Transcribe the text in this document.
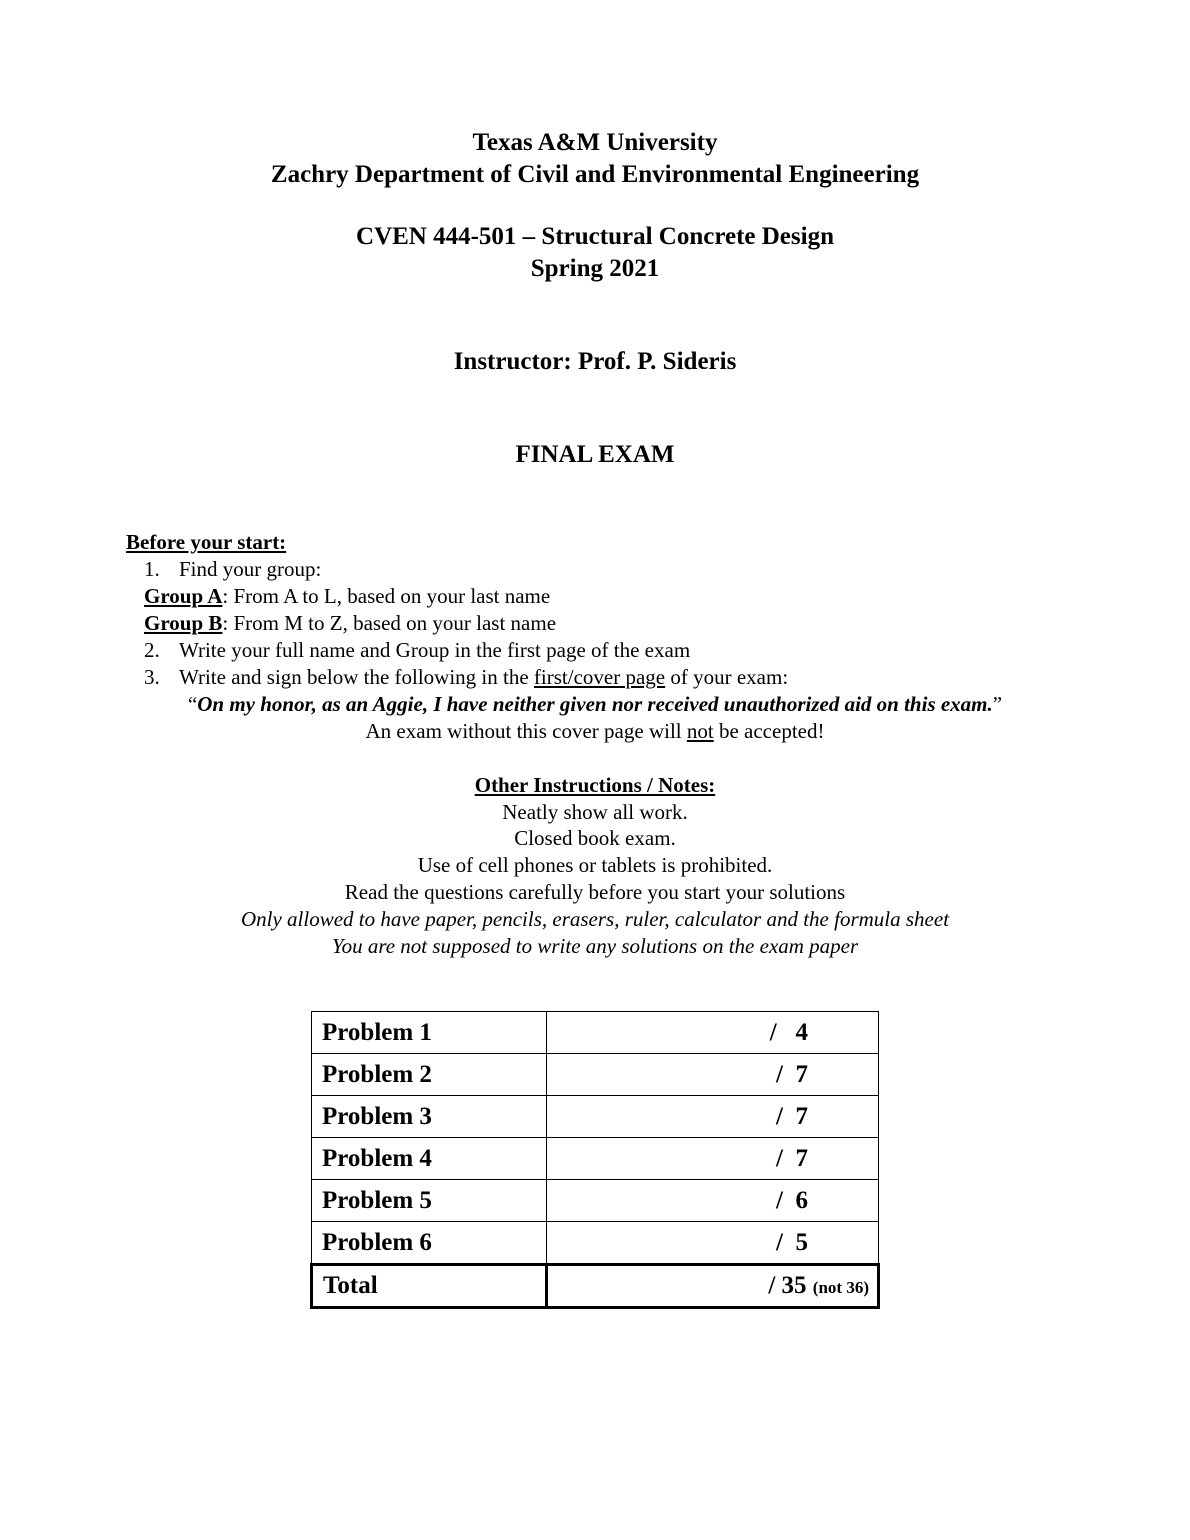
Texas A&M University
Zachry Department of Civil and Environmental Engineering
CVEN 444-501 – Structural Concrete Design
Spring 2021
Instructor: Prof. P. Sideris
FINAL EXAM
Before your start:
1. Find your group:
Group A: From A to L, based on your last name
Group B: From M to Z, based on your last name
2. Write your full name and Group in the first page of the exam
3. Write and sign below the following in the first/cover page of your exam:
“On my honor, as an Aggie, I have neither given nor received unauthorized aid on this exam.”
An exam without this cover page will not be accepted!
Other Instructions / Notes:
Neatly show all work.
Closed book exam.
Use of cell phones or tablets is prohibited.
Read the questions carefully before you start your solutions
Only allowed to have paper, pencils, erasers, ruler, calculator and the formula sheet
You are not supposed to write any solutions on the exam paper
Problem 1	/   4
Problem 2	/  7
Problem 3	/  7
Problem 4	/  7
Problem 5	/  6
Problem 6	/  5
Total	/ 35 (not 36)
